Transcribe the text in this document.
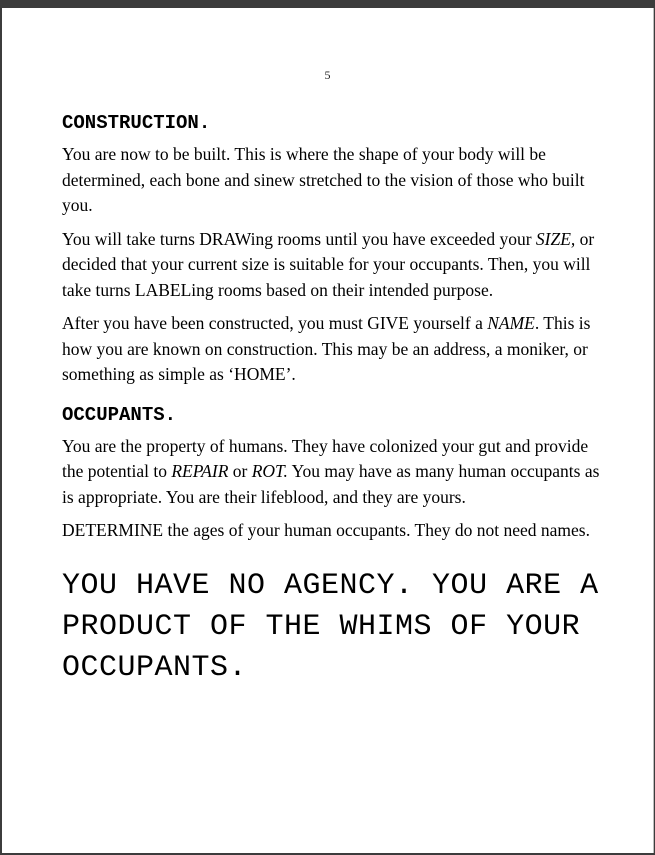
5
CONSTRUCTION.

You are now to be built. This is where the shape of your body will be determined, each bone and sinew stretched to the vision of those who built you.

You will take turns DRAWing rooms until you have exceeded your SIZE, or decided that your current size is suitable for your occupants. Then, you will take turns LABELing rooms based on their intended purpose.

After you have been constructed, you must GIVE yourself a NAME. This is how you are known on construction. This may be an address, a moniker, or something as simple as ‘HOME’.

OCCUPANTS.

You are the property of humans. They have colonized your gut and provide the potential to REPAIR or ROT. You may have as many human occupants as is appropriate. You are their lifeblood, and they are yours.

DETERMINE the ages of your human occupants. They do not need names.

YOU HAVE NO AGENCY. YOU ARE A PRODUCT OF THE WHIMS OF YOUR OCCUPANTS.
